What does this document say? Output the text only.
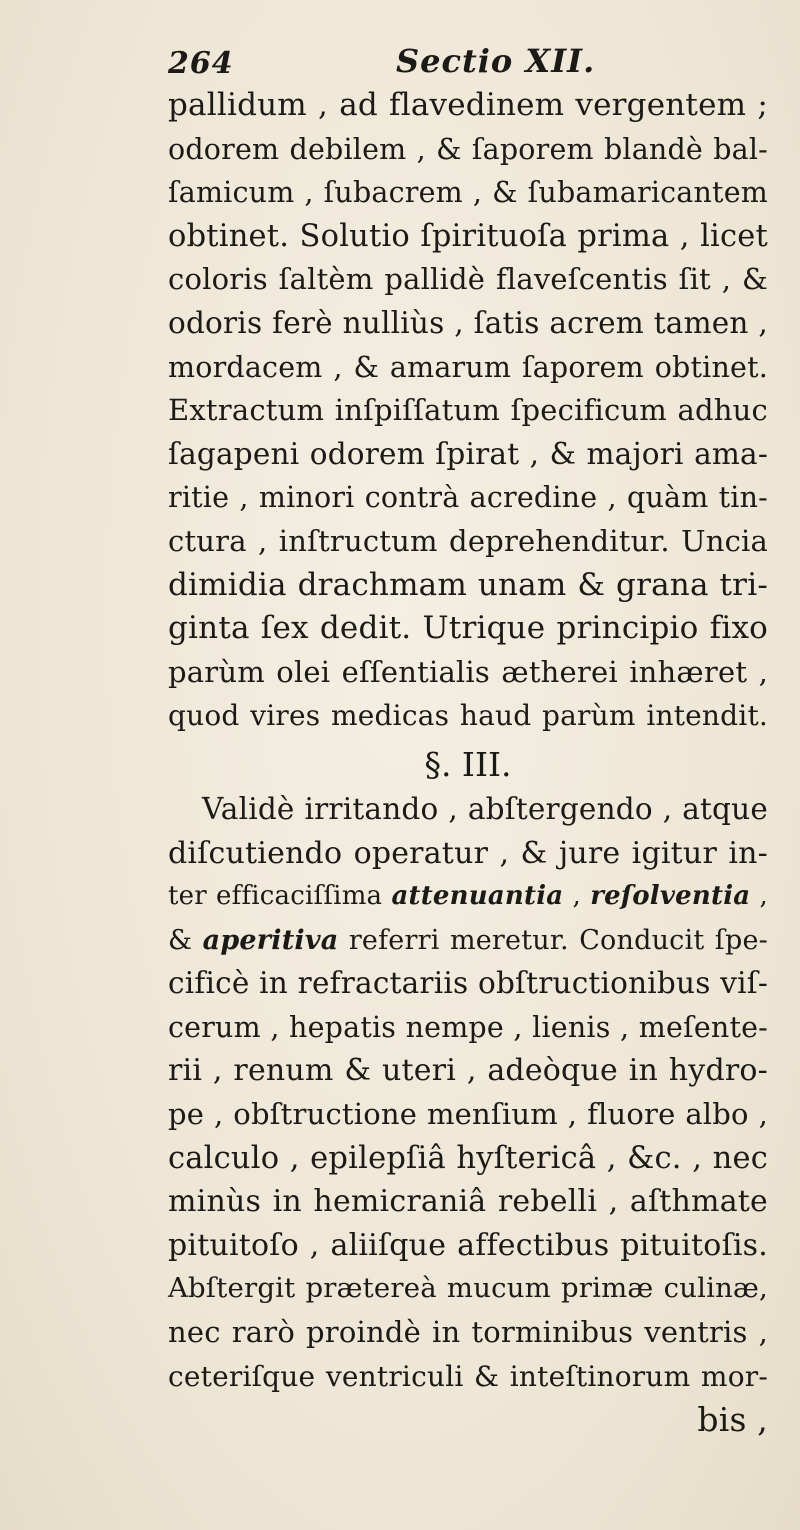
264	Sectio XII.
pallidum , ad flavedinem vergentem ;
odorem debilem , & ſaporem blandè bal-
ſamicum , ſubacrem , & ſubamaricantem
obtinet. Solutio ſpirituoſa prima , licet
coloris ſaltèm pallidè flaveſcentis ſit , &
odoris ferè nulliùs , ſatis acrem tamen ,
mordacem , & amarum ſaporem obtinet.
Extractum inſpiſſatum ſpecificum adhuc
ſagapeni odorem ſpirat , & majori ama-
ritie , minori contrà acredine , quàm tin-
ctura , inſtructum deprehenditur. Uncia
dimidia drachmam unam & grana tri-
ginta ſex dedit. Utrique principio fixo
parùm olei eſſentialis ætherei inhæret ,
quod vires medicas haud parùm intendit.
§. III.
Validè irritando , abſtergendo , atque
diſcutiendo operatur , & jure igitur in-
ter efficaciſſima attenuantia , reſolventia ,
& aperitiva referri meretur. Conducit ſpe-
cificè in refractariis obſtructionibus viſ-
cerum , hepatis nempe , lienis , meſente-
rii , renum & uteri , adeòque in hydro-
pe , obſtructione menſium , fluore albo ,
calculo , epilepſiâ hyſtericâ , &c. , nec
minùs in hemicraniâ rebelli , aſthmate
pituitoſo , aliiſque affectibus pituitoſis.
Abſtergit prætereà mucum primæ culinæ,
nec rarò proindè in torminibus ventris ,
ceteriſque ventriculi & inteſtinorum mor-
bis ,
